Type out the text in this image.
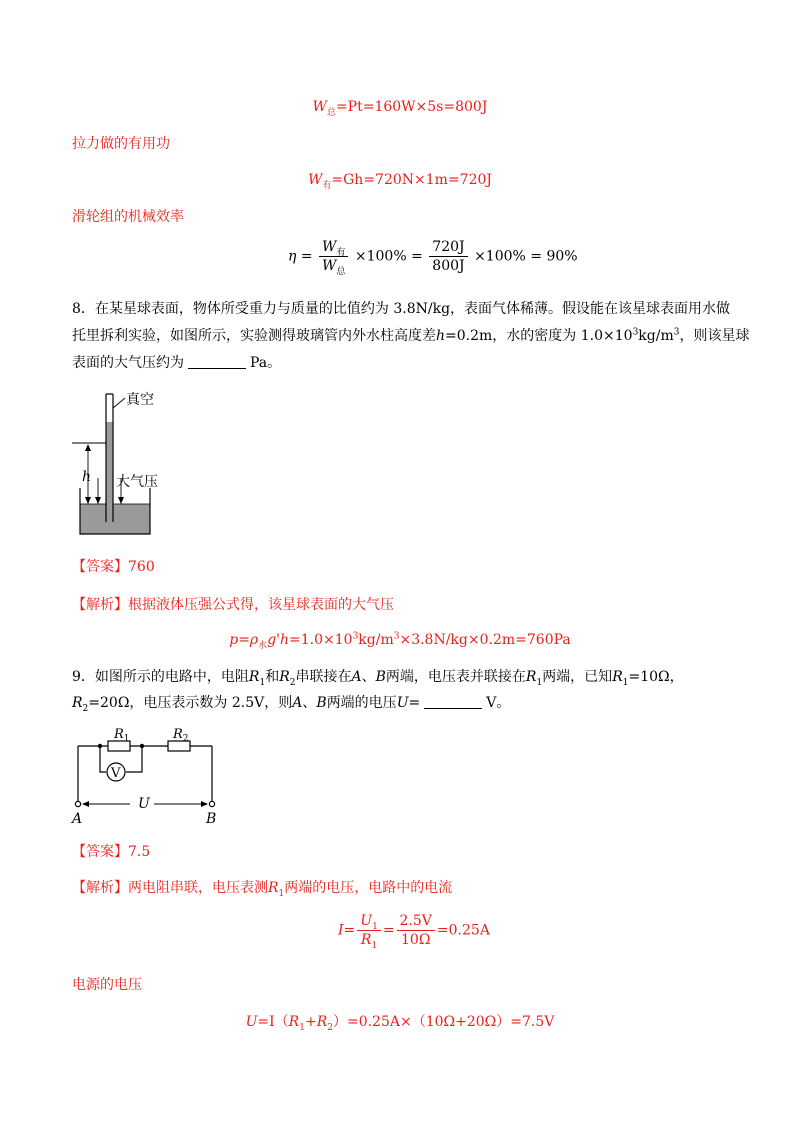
$W_总=Pt=160W\times 5s=800J$
拉力做的有用功
$W_有=Gh=720N\times 1m=720J$
滑轮组的机械效率
$\eta = \frac{W_有}{W_总} \times 100\% = \frac{720J}{800J} \times 100\% = 90\%$
8．在某星球表面，物体所受重力与质量的比值约为 3.8N/kg，表面气体稀薄。假设能在该星球表面用水做
托里拆利实验，如图所示，实验测得玻璃管内外水柱高度差h=0.2m，水的密度为 $1.0\times 10^3kg/m^3$，则该星球
表面的大气压约为	Pa。
真空
h 大气压
【答案】760
【解析】根据液体压强公式得，该星球表面的大气压
$p=\rho_水g'h=1.0\times 10^3kg/m^3\times 3.8N/kg\times 0.2m=760Pa$
9．如图所示的电路中，电阻$R_1$和$R_2$串联接在A、B两端，电压表并联接在$R_1$两端，已知$R_1=10\Omega$，
$R_2=20\Omega$，电压表示数为 2.5V，则A、B两端的电压U=	V。
V
U
$R_1$	$R_2$
A	B
【答案】7.5
【解析】两电阻串联，电压表测$R_1$两端的电压，电路中的电流
$I= \frac{U_1}{R_1} = \frac{2.5V}{10\Omega} =0.25A$
电源的电压
$U=I(R_1+R_2)=0.25A\times(10\Omega+20\Omega)=7.5V$
